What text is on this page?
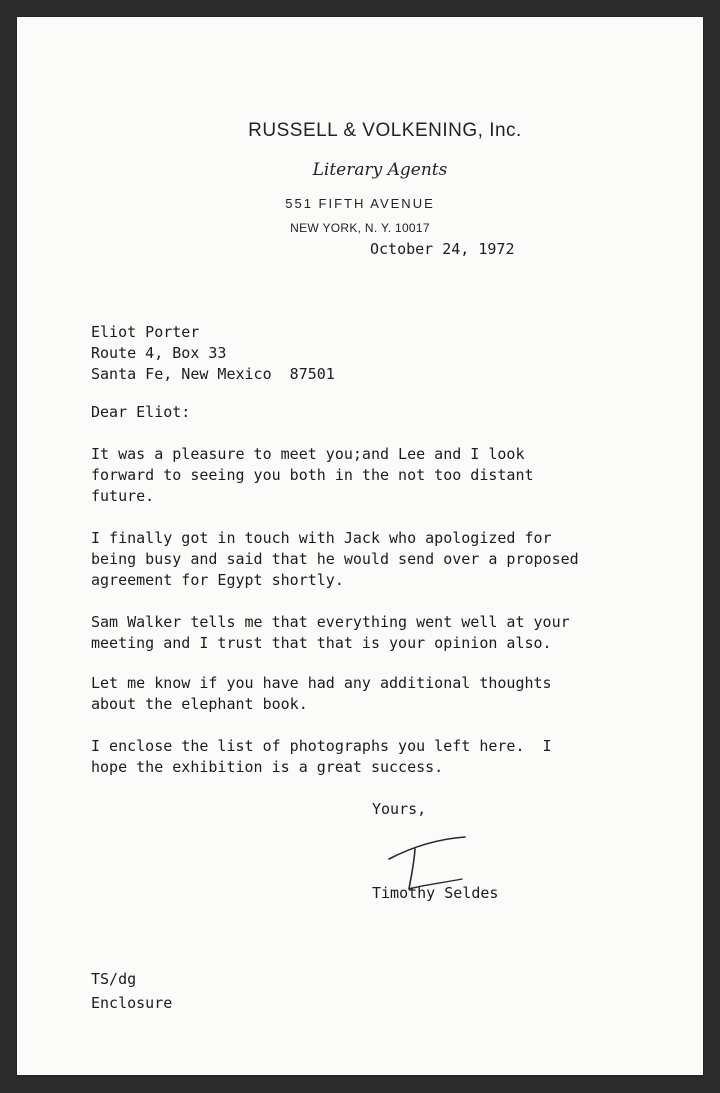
RUSSELL & VOLKENING, Inc.
Literary Agents
551 FIFTH AVENUE
NEW YORK, N. Y. 10017
October 24, 1972
Eliot Porter
Route 4, Box 33
Santa Fe, New Mexico  87501
Dear Eliot:
It was a pleasure to meet you;and Lee and I look
forward to seeing you both in the not too distant
future.
I finally got in touch with Jack who apologized for
being busy and said that he would send over a proposed
agreement for Egypt shortly.
Sam Walker tells me that everything went well at your
meeting and I trust that that is your opinion also.
Let me know if you have had any additional thoughts
about the elephant book.
I enclose the list of photographs you left here.  I
hope the exhibition is a great success.
Yours,
Timothy Seldes
TS/dg
Enclosure
